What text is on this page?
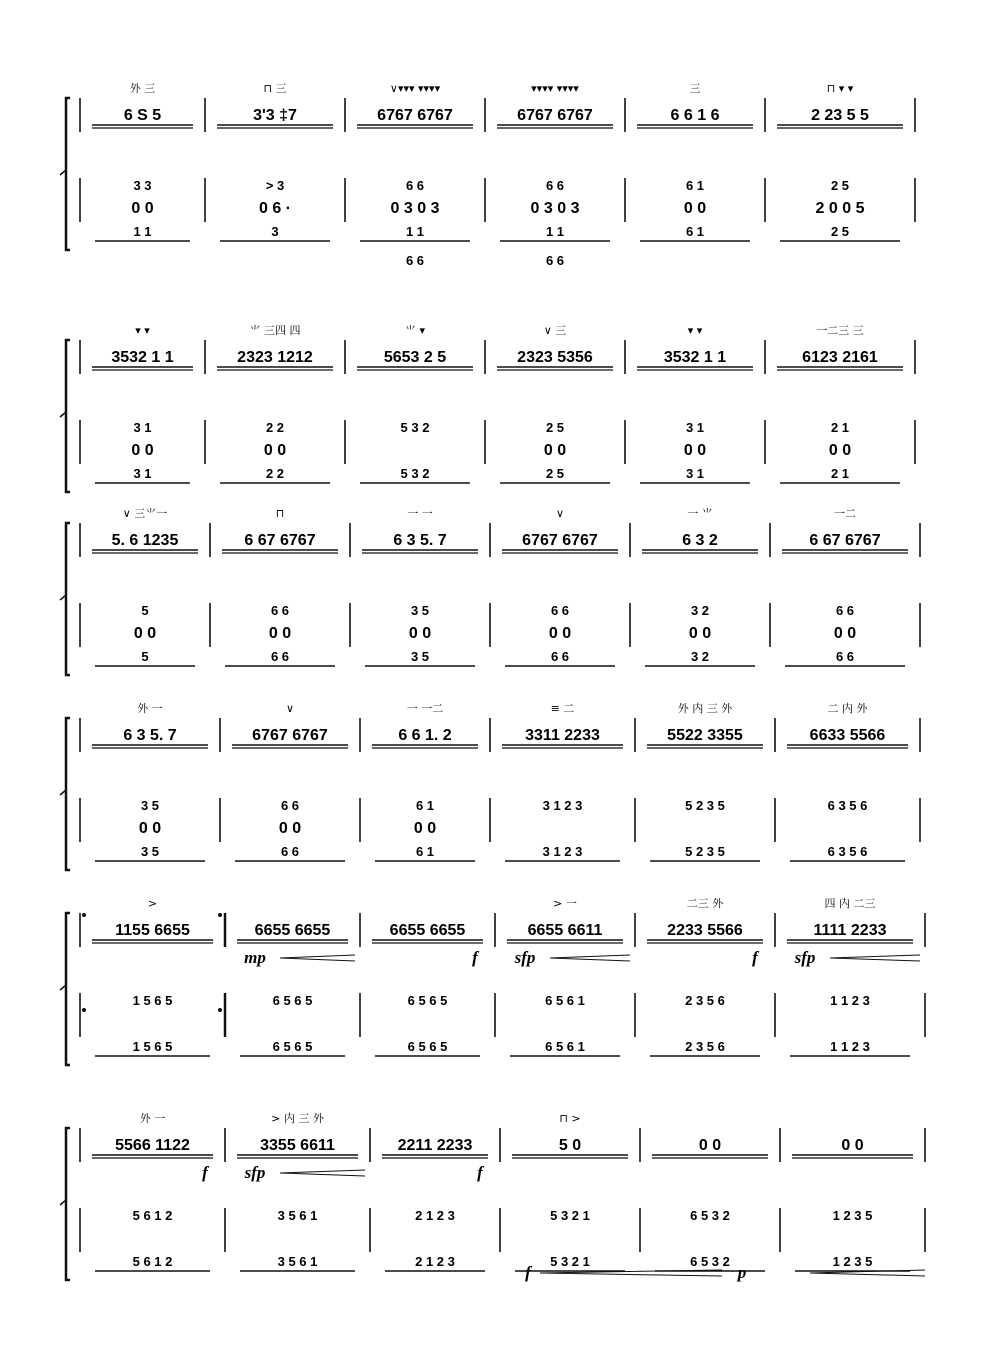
6 S 5
外 三
3 3
0 0
1 1
3'3 ‡7
⊓ 三
> 3
0 6 ·
3
6767 6767
∨▾▾▾ ▾▾▾▾
6 6
0 3 0 3
1 1
6 6
6767 6767
▾▾▾▾ ▾▾▾▾
6 6
0 3 0 3
1 1
6 6
6 6 1 6
三
6 1
0 0
6 1
2 23 5 5
⊓ ▾ ▾
2 5
2 0 0 5
2 5
3532 1 1
▾ ▾
3 1
0 0
3 1
2323 1212
⺌ 三四 四
2 2
0 0
2 2
5653 2 5
⺌ ▾
5 3 2
5 3 2
2323 5356
∨ 三
2 5
0 0
2 5
3532 1 1
▾ ▾
3 1
0 0
3 1
6123 2161
一二三 三
2 1
0 0
2 1
5. 6 1235
∨ 三⺌一
5
0 0
5
6 67 6767
⊓
6 6
0 0
6 6
6 3 5. 7
一 一
3 5
0 0
3 5
6767 6767
∨
6 6
0 0
6 6
6 3 2
一 ⺌
3 2
0 0
3 2
6 67 6767
一二
6 6
0 0
6 6
6 3 5. 7
外 一
3 5
0 0
3 5
6767 6767
∨
6 6
0 0
6 6
6 6 1. 2
一 一二
6 1
0 0
6 1
3311 2233
≡ 二
3 1 2 3
3 1 2 3
5522 3355
外 内 三 外
5 2 3 5
5 2 3 5
6633 5566
二 内 外
6 3 5 6
6 3 5 6
1155 6655
>
1 5 6 5
1 5 6 5
6655 6655
6 5 6 5
6 5 6 5
mp
6655 6655
6 5 6 5
6 5 6 5
f
6655 6611
> 一
6 5 6 1
6 5 6 1
sfp
2233 5566
二三 外
2 3 5 6
2 3 5 6
f
1111 2233
四 内 二三
1 1 2 3
1 1 2 3
sfp
5566 1122
外 一
5 6 1 2
5 6 1 2
f
3355 6611
> 内 三 外
3 5 6 1
3 5 6 1
sfp
2211 2233
2 1 2 3
2 1 2 3
f
5 0
⊓ >
5 3 2 1
5 3 2 1
0 0
6 5 3 2
6 5 3 2
0 0
1 2 3 5
1 2 3 5
f	p
